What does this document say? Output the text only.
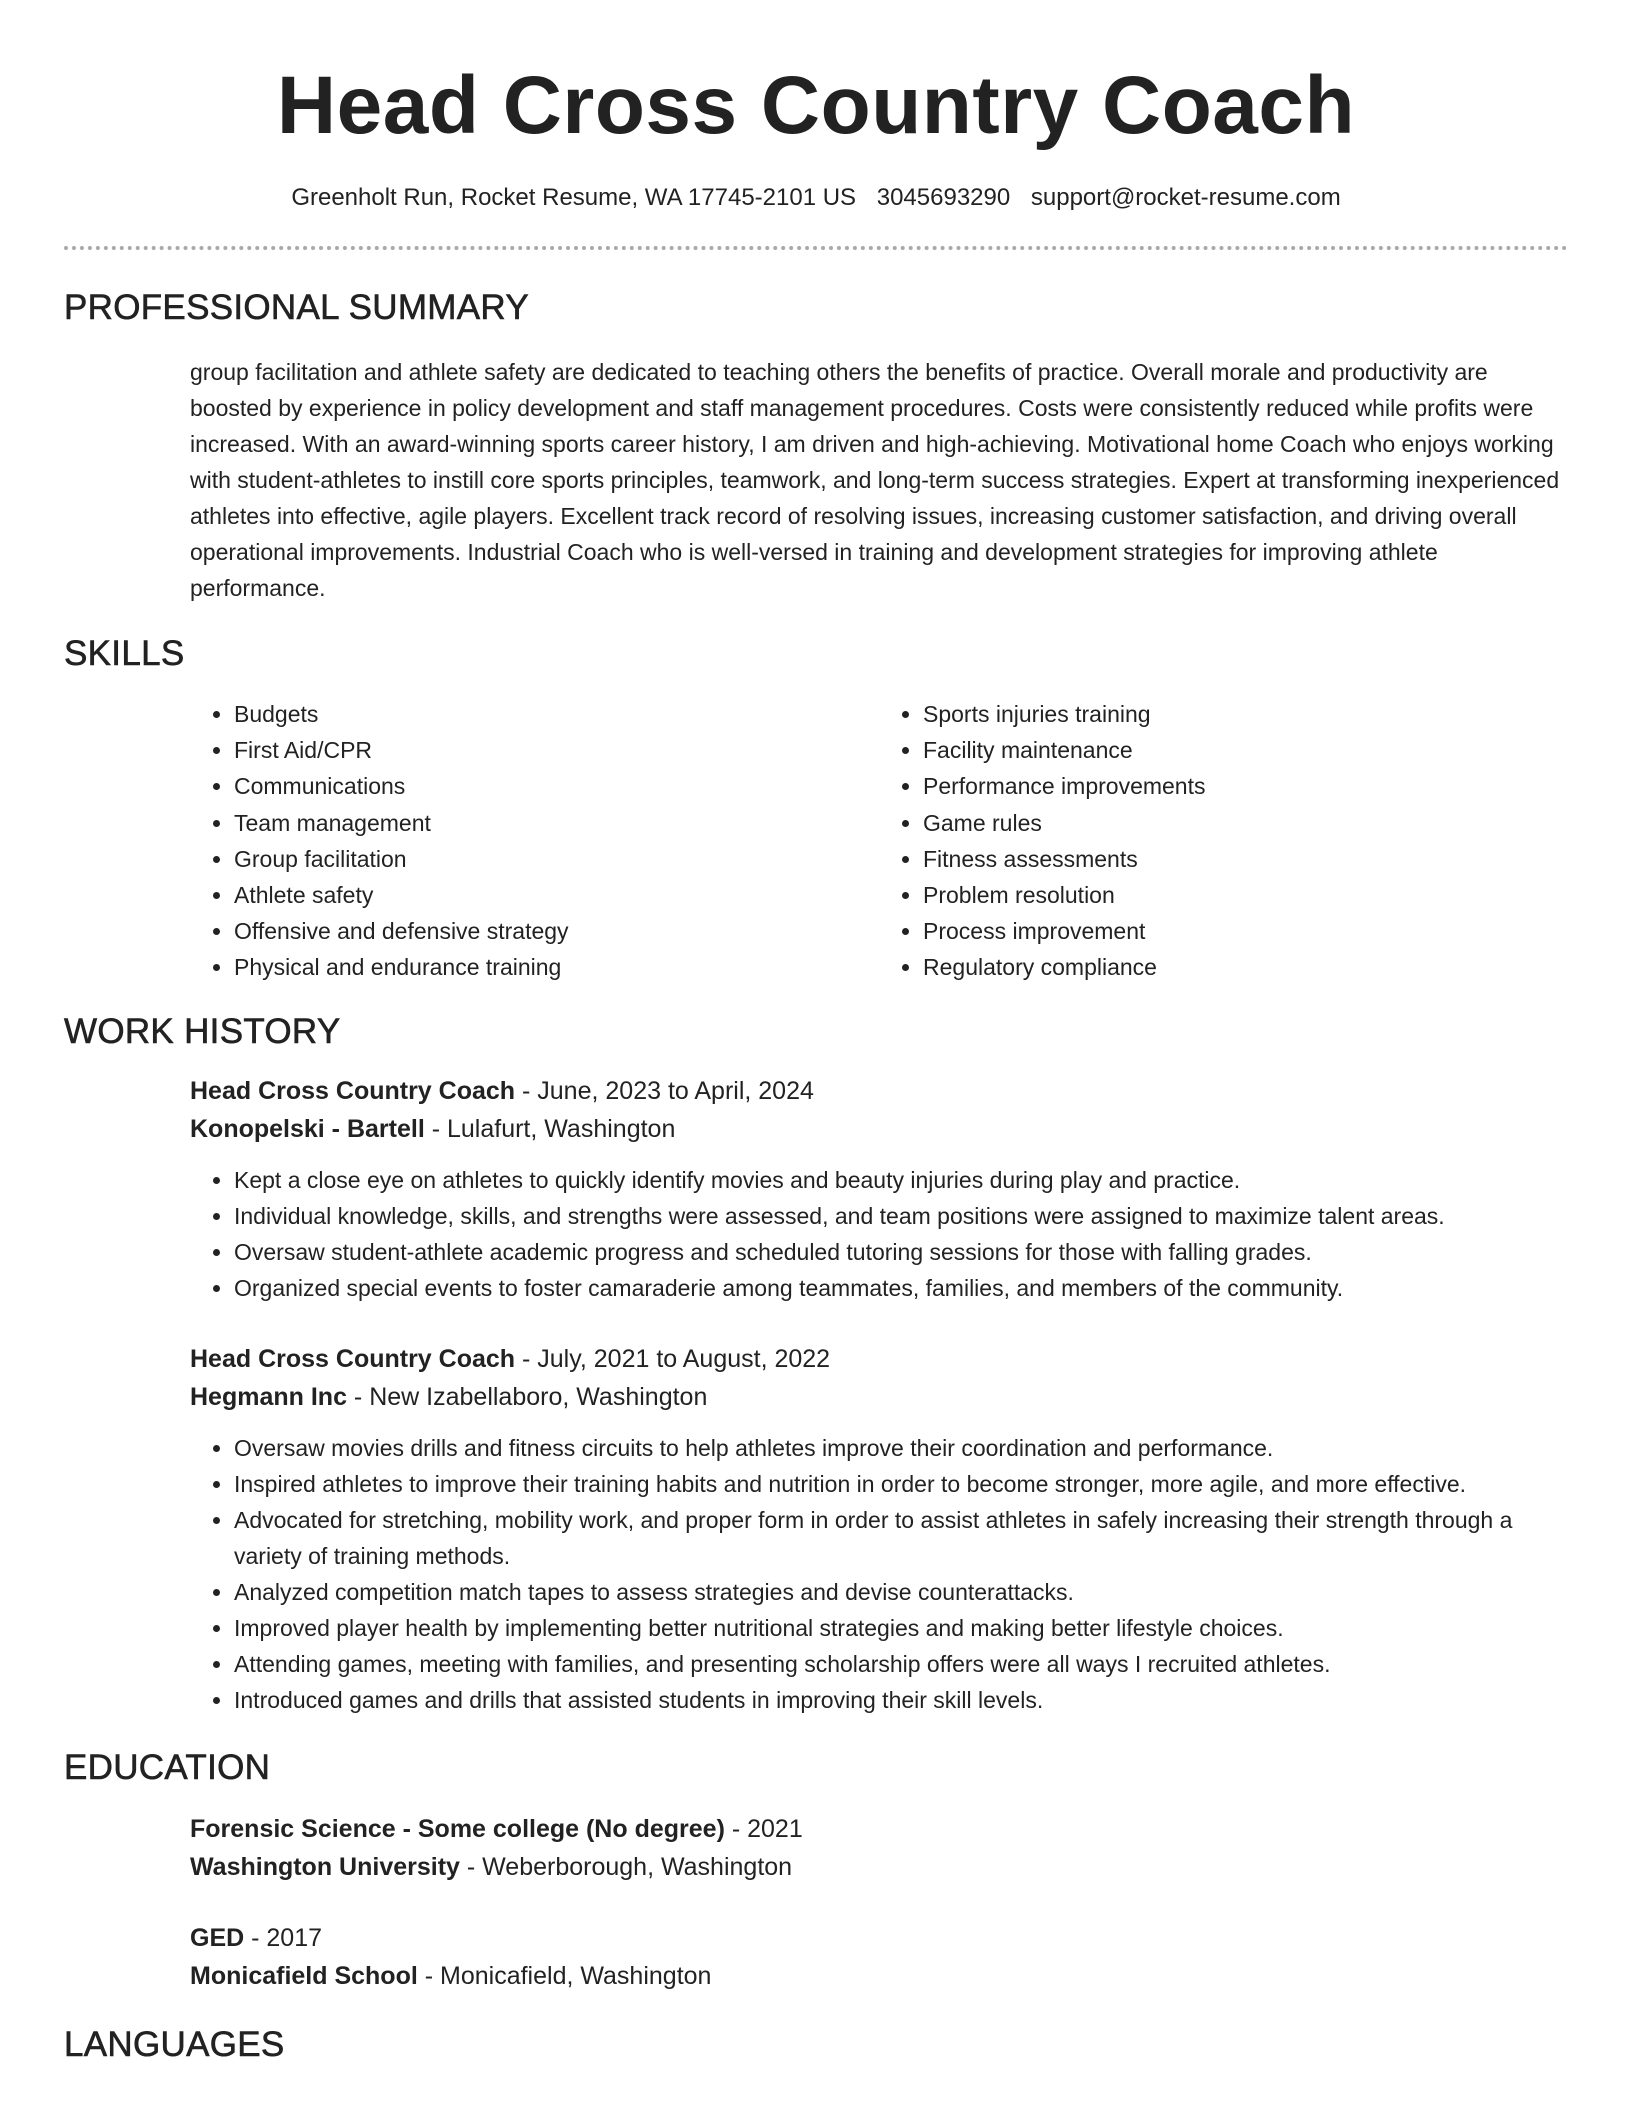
Head Cross Country Coach
Greenholt Run, Rocket Resume, WA 17745-2101 US 3045693290 support@rocket-resume.com
PROFESSIONAL SUMMARY
group facilitation and athlete safety are dedicated to teaching others the benefits of practice. Overall morale and productivity are boosted by experience in policy development and staff management procedures. Costs were consistently reduced while profits were increased. With an award-winning sports career history, I am driven and high-achieving. Motivational home Coach who enjoys working with student-athletes to instill core sports principles, teamwork, and long-term success strategies. Expert at transforming inexperienced athletes into effective, agile players. Excellent track record of resolving issues, increasing customer satisfaction, and driving overall operational improvements. Industrial Coach who is well-versed in training and development strategies for improving athlete performance.
SKILLS
• Budgets
• First Aid/CPR
• Communications
• Team management
• Group facilitation
• Athlete safety
• Offensive and defensive strategy
• Physical and endurance training
• Sports injuries training
• Facility maintenance
• Performance improvements
• Game rules
• Fitness assessments
• Problem resolution
• Process improvement
• Regulatory compliance
WORK HISTORY
Head Cross Country Coach - June, 2023 to April, 2024
Konopelski - Bartell - Lulafurt, Washington
• Kept a close eye on athletes to quickly identify movies and beauty injuries during play and practice.
• Individual knowledge, skills, and strengths were assessed, and team positions were assigned to maximize talent areas.
• Oversaw student-athlete academic progress and scheduled tutoring sessions for those with falling grades.
• Organized special events to foster camaraderie among teammates, families, and members of the community.
Head Cross Country Coach - July, 2021 to August, 2022
Hegmann Inc - New Izabellaboro, Washington
• Oversaw movies drills and fitness circuits to help athletes improve their coordination and performance.
• Inspired athletes to improve their training habits and nutrition in order to become stronger, more agile, and more effective.
• Advocated for stretching, mobility work, and proper form in order to assist athletes in safely increasing their strength through a variety of training methods.
• Analyzed competition match tapes to assess strategies and devise counterattacks.
• Improved player health by implementing better nutritional strategies and making better lifestyle choices.
• Attending games, meeting with families, and presenting scholarship offers were all ways I recruited athletes.
• Introduced games and drills that assisted students in improving their skill levels.
EDUCATION
Forensic Science - Some college (No degree) - 2021
Washington University - Weberborough, Washington
GED - 2017
Monicafield School - Monicafield, Washington
LANGUAGES
